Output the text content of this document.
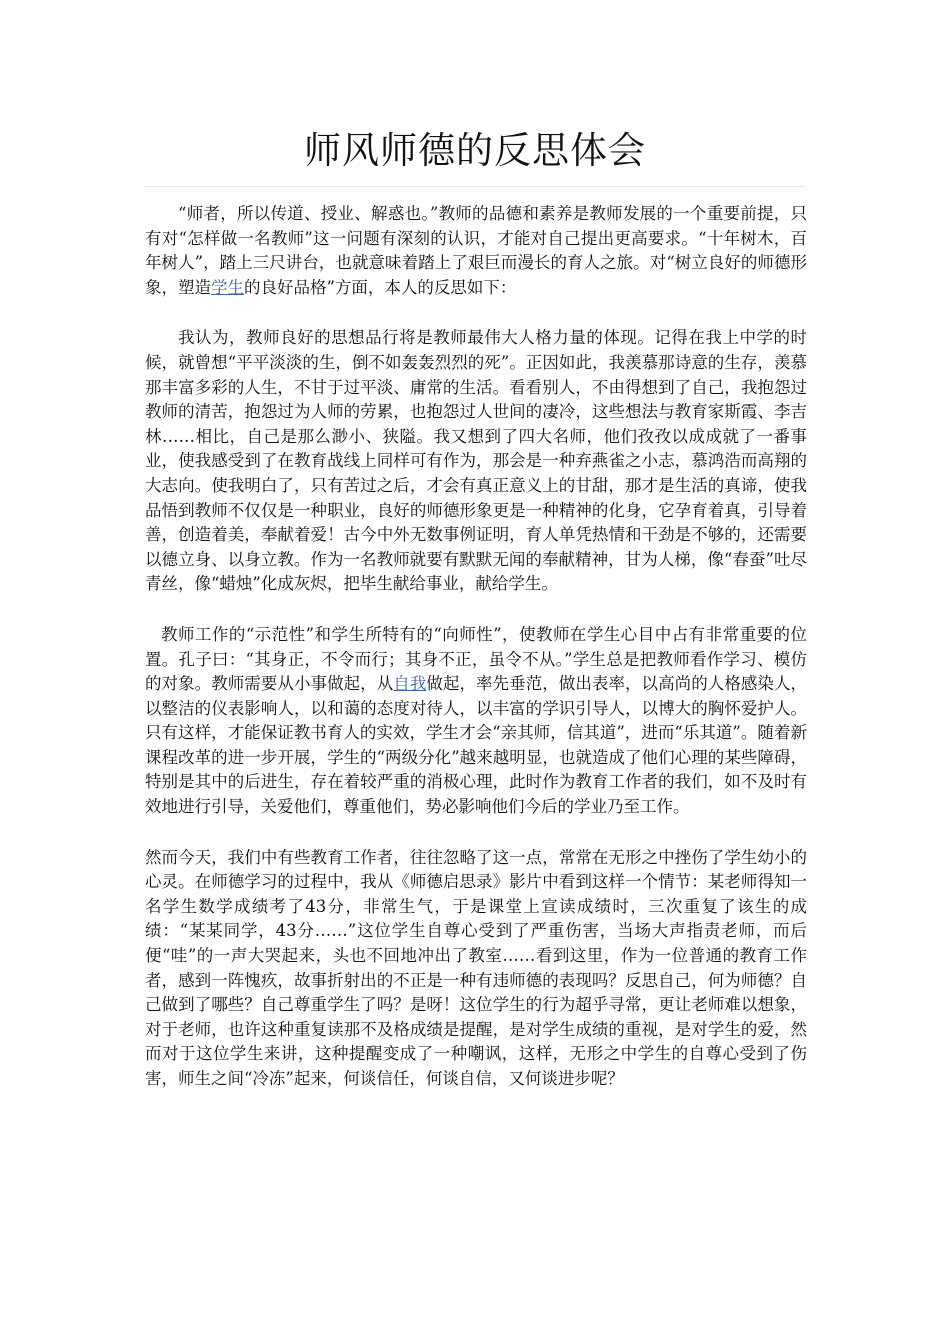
师风师德的反思体会

“师者，所以传道、授业、解惑也。”教师的品德和素养是教师发展的一个重要前提，只有对“怎样做一名教师”这一问题有深刻的认识，才能对自己提出更高要求。“十年树木，百年树人”，踏上三尺讲台，也就意味着踏上了艰巨而漫长的育人之旅。对“树立良好的师德形象，塑造学生的良好品格”方面，本人的反思如下：

我认为，教师良好的思想品行将是教师最伟大人格力量的体现。记得在我上中学的时候，就曾想“平平淡淡的生，倒不如轰轰烈烈的死”。正因如此，我羡慕那诗意的生存，羡慕那丰富多彩的人生，不甘于过平淡、庸常的生活。看看别人，不由得想到了自己，我抱怨过教师的清苦，抱怨过为人师的劳累，也抱怨过人世间的凄冷，这些想法与教育家斯霞、李吉林……相比，自己是那么渺小、狭隘。我又想到了四大名师，他们孜孜以成成就了一番事业，使我感受到了在教育战线上同样可有作为，那会是一种弃燕雀之小志，慕鸿浩而高翔的大志向。使我明白了，只有苦过之后，才会有真正意义上的甘甜，那才是生活的真谛，使我品悟到教师不仅仅是一种职业，良好的师德形象更是一种精神的化身，它孕育着真，引导着善，创造着美，奉献着爱！古今中外无数事例证明，育人单凭热情和干劲是不够的，还需要以德立身、以身立教。作为一名教师就要有默默无闻的奉献精神，甘为人梯，像“春蚕”吐尽青丝，像“蜡烛”化成灰烬，把毕生献给事业，献给学生。

教师工作的“示范性”和学生所特有的“向师性”，使教师在学生心目中占有非常重要的位置。孔子曰：“其身正，不令而行；其身不正，虽令不从。”学生总是把教师看作学习、模仿的对象。教师需要从小事做起，从自我做起，率先垂范，做出表率，以高尚的人格感染人，以整洁的仪表影响人，以和蔼的态度对待人，以丰富的学识引导人，以博大的胸怀爱护人。只有这样，才能保证教书育人的实效，学生才会“亲其师，信其道”，进而“乐其道”。随着新课程改革的进一步开展，学生的“两级分化”越来越明显，也就造成了他们心理的某些障碍，特别是其中的后进生，存在着较严重的消极心理，此时作为教育工作者的我们，如不及时有效地进行引导，关爱他们，尊重他们，势必影响他们今后的学业乃至工作。

然而今天，我们中有些教育工作者，往往忽略了这一点，常常在无形之中挫伤了学生幼小的心灵。在师德学习的过程中，我从《师德启思录》影片中看到这样一个情节：某老师得知一名学生数学成绩考了43分，非常生气，于是课堂上宣读成绩时，三次重复了该生的成绩：“某某同学，43分……”这位学生自尊心受到了严重伤害，当场大声指责老师，而后便“哇”的一声大哭起来，头也不回地冲出了教室……看到这里，作为一位普通的教育工作者，感到一阵愧疚，故事折射出的不正是一种有违师德的表现吗？反思自己，何为师德？自己做到了哪些？自己尊重学生了吗？是呀！这位学生的行为超乎寻常，更让老师难以想象，对于老师，也许这种重复读那不及格成绩是提醒，是对学生成绩的重视，是对学生的爱，然而对于这位学生来讲，这种提醒变成了一种嘲讽，这样，无形之中学生的自尊心受到了伤害，师生之间“冷冻”起来，何谈信任，何谈自信，又何谈进步呢？
